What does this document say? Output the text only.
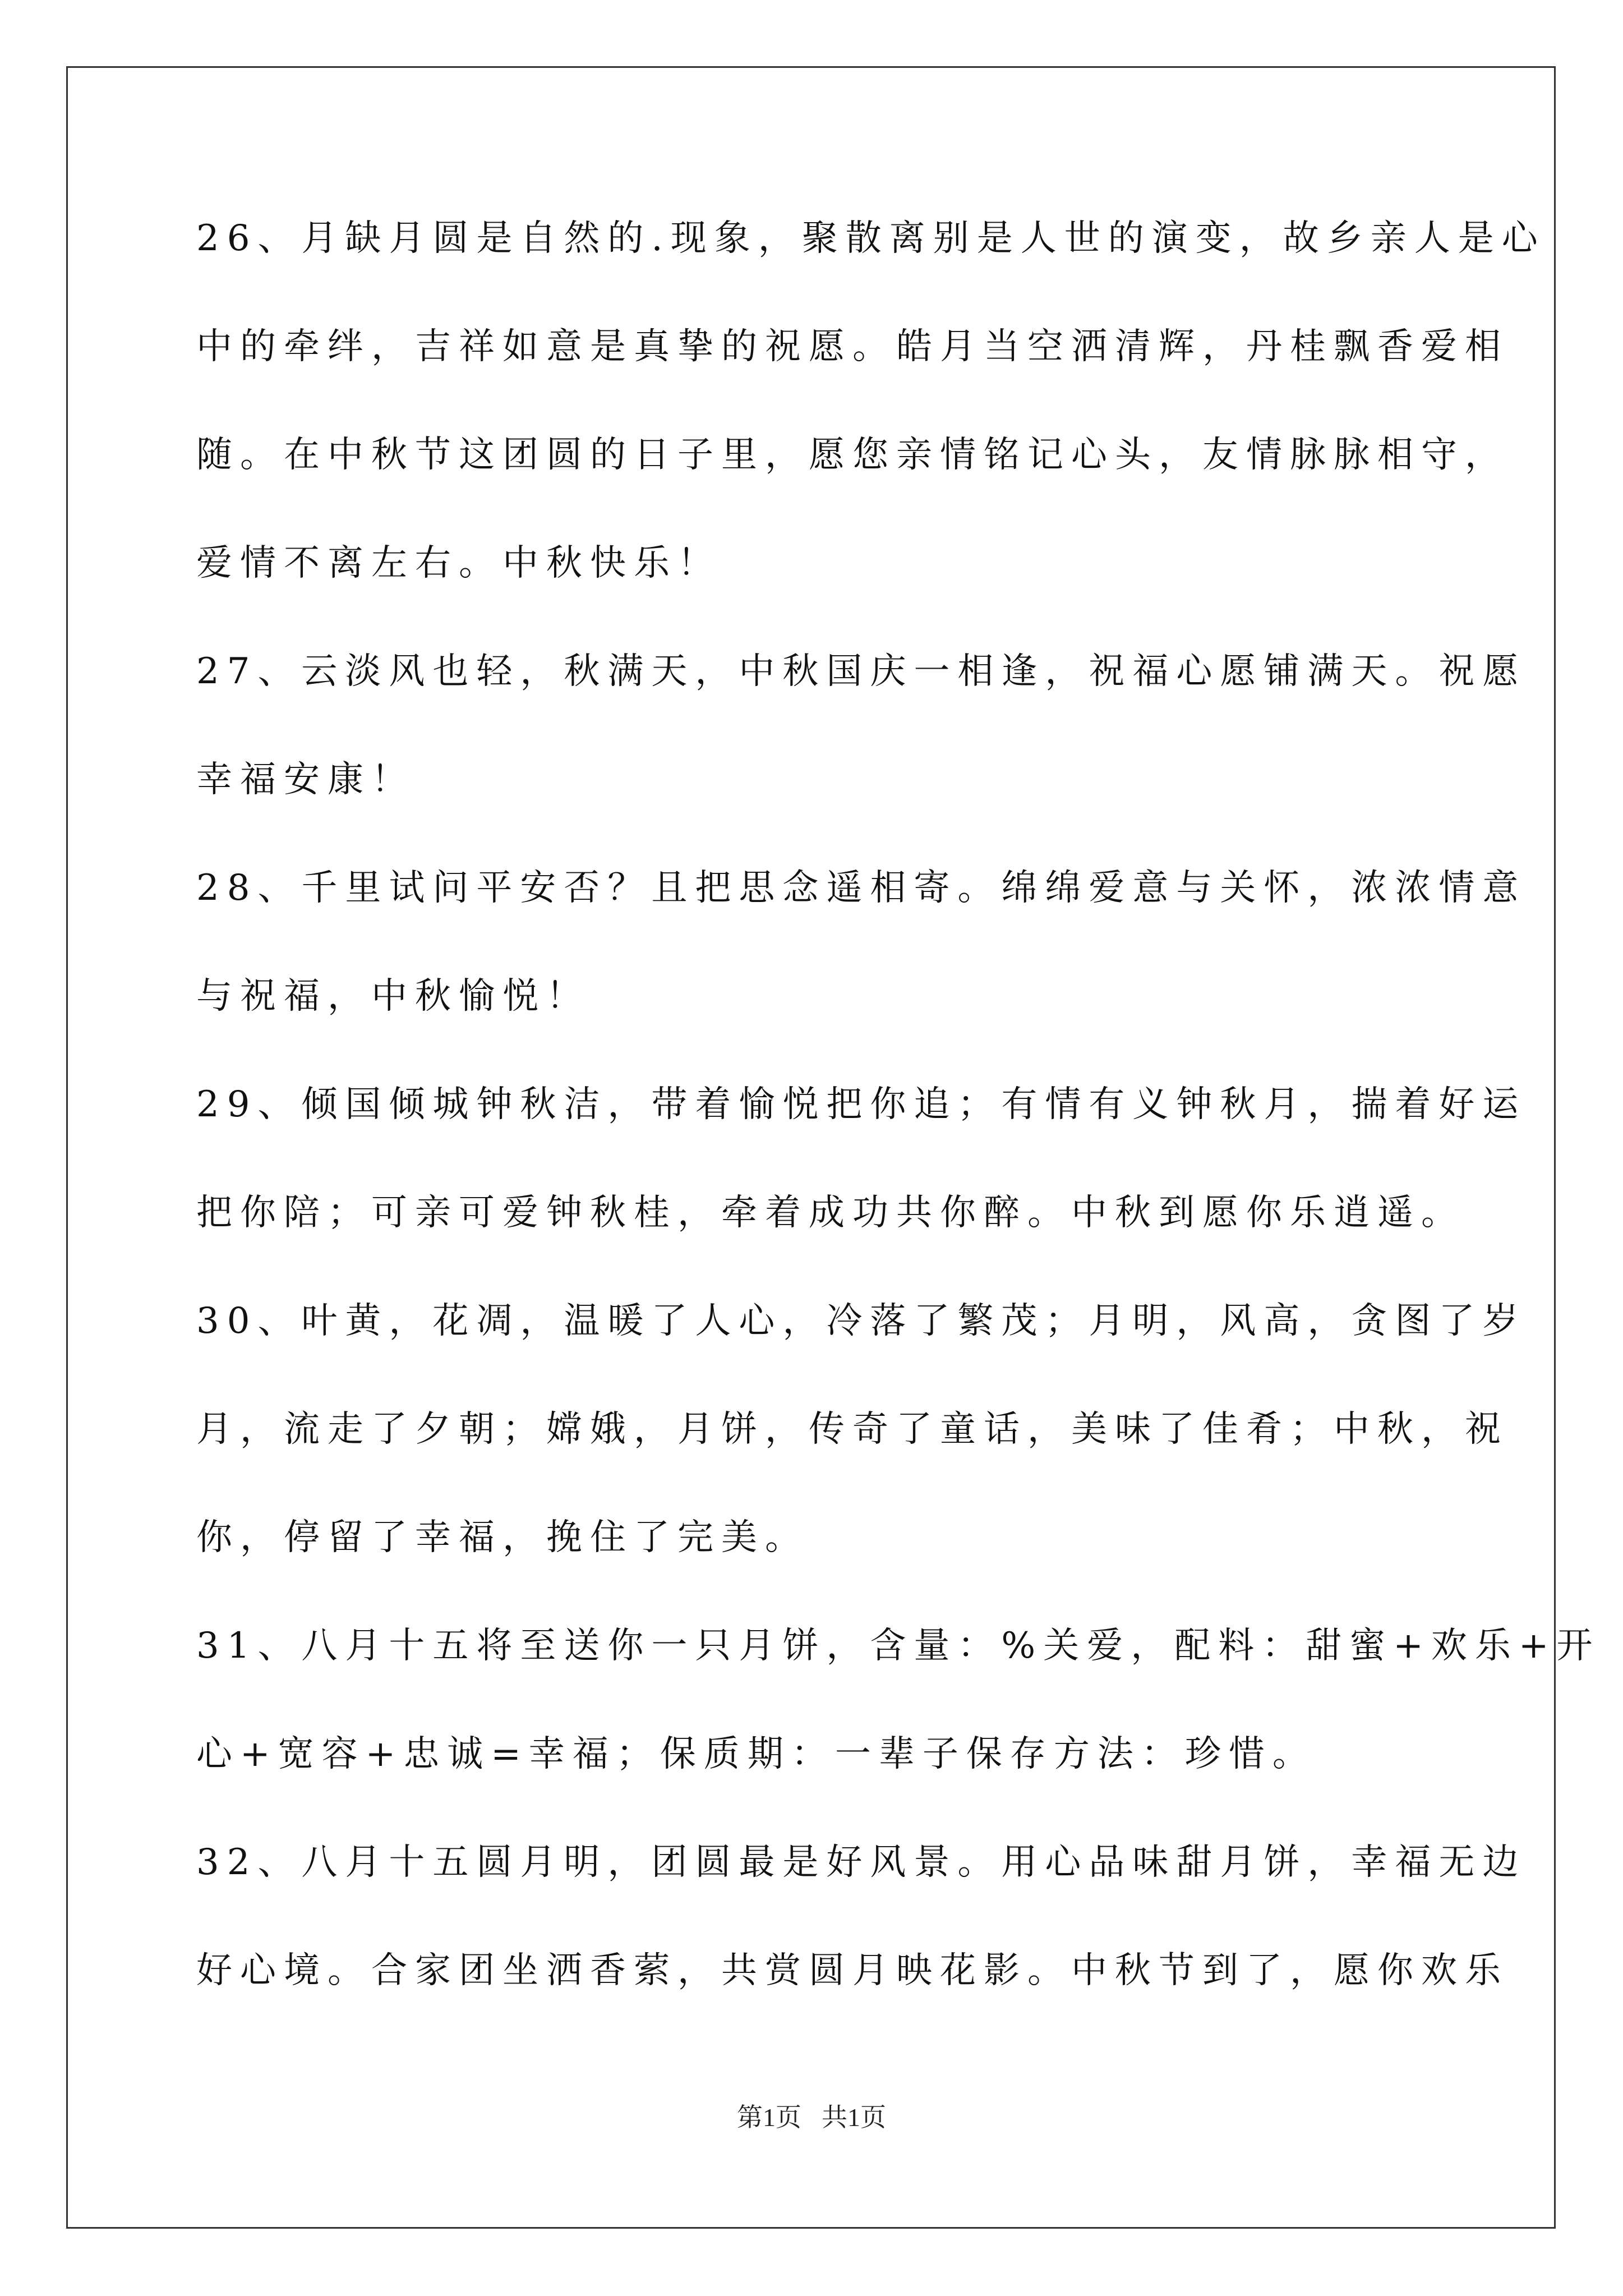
26、月缺月圆是自然的.现象，聚散离别是人世的演变，故乡亲人是心
中的牵绊，吉祥如意是真挚的祝愿。皓月当空洒清辉，丹桂飘香爱相
随。在中秋节这团圆的日子里，愿您亲情铭记心头，友情脉脉相守，
爱情不离左右。中秋快乐！
27、云淡风也轻，秋满天，中秋国庆一相逢，祝福心愿铺满天。祝愿
幸福安康！
28、千里试问平安否？且把思念遥相寄。绵绵爱意与关怀，浓浓情意
与祝福，中秋愉悦！
29、倾国倾城钟秋洁，带着愉悦把你追；有情有义钟秋月，揣着好运
把你陪；可亲可爱钟秋桂，牵着成功共你醉。中秋到愿你乐逍遥。
30、叶黄，花凋，温暖了人心，冷落了繁茂；月明，风高，贪图了岁
月，流走了夕朝；嫦娥，月饼，传奇了童话，美味了佳肴；中秋，祝
你，停留了幸福，挽住了完美。
31、八月十五将至送你一只月饼，含量：%关爱，配料：甜蜜+欢乐+开
心+宽容+忠诚=幸福；保质期：一辈子保存方法：珍惜。
32、八月十五圆月明，团圆最是好风景。用心品味甜月饼，幸福无边
好心境。合家团坐洒香萦，共赏圆月映花影。中秋节到了，愿你欢乐
第1页 共1页
